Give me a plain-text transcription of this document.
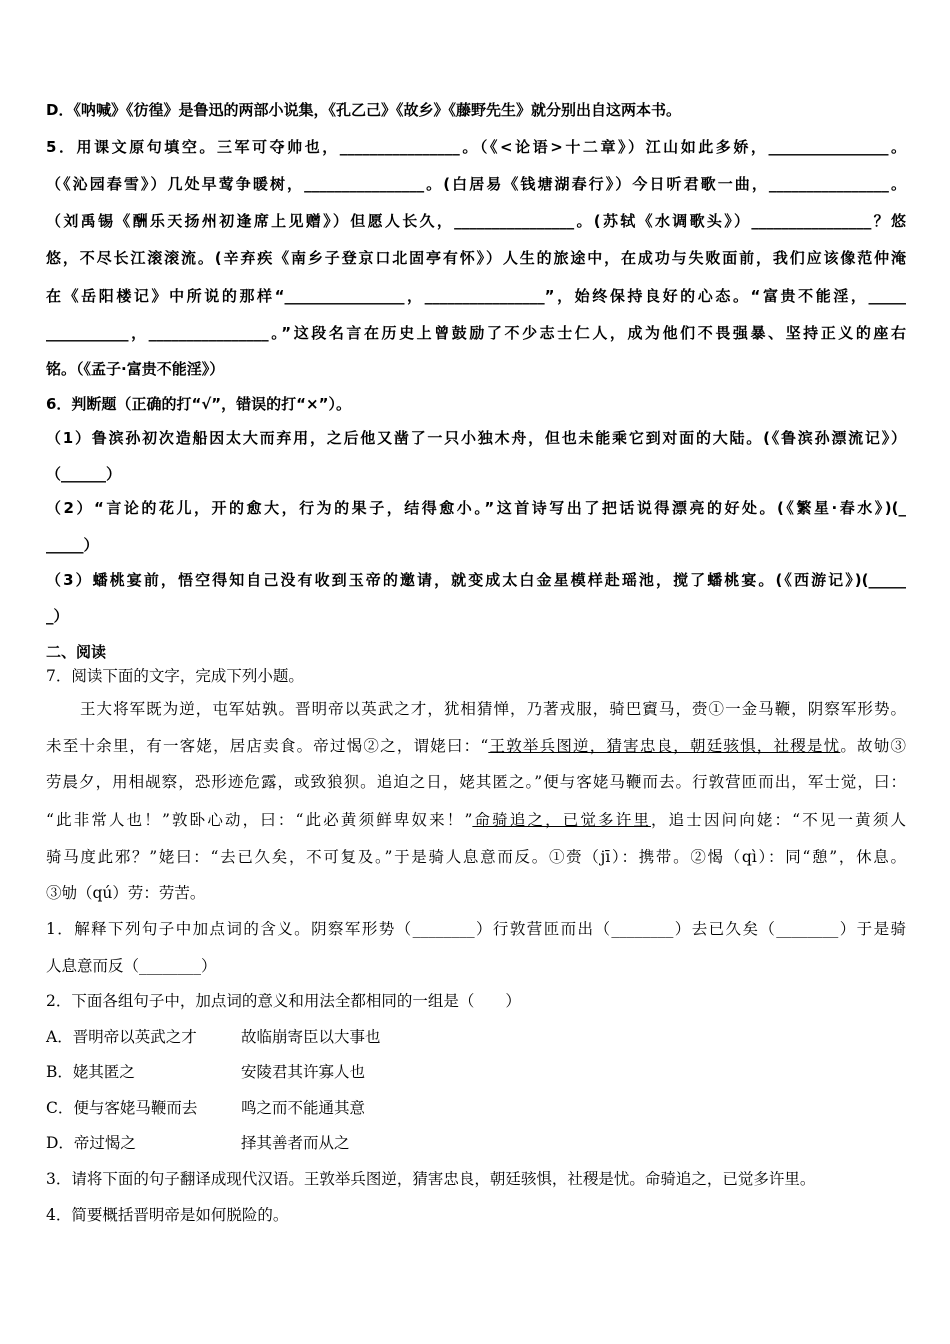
D．《呐喊》《彷徨》是鲁迅的两部小说集，《孔乙己》《故乡》《藤野先生》就分别出自这两本书。
5．用课文原句填空。三军可夺帅也，________________。（《<论语>十二章》）江山如此多娇，________________。
（《沁园春雪》）几处早莺争暖树，________________。(白居易《钱塘湖春行》）今日听君歌一曲，________________。
（刘禹锡《酬乐天扬州初逢席上见赠》）但愿人长久，________________。(苏轼《水调歌头》）________________？悠
悠，不尽长江滚滚流。(辛弃疾《南乡子登京口北固亭有怀》）人生的旅途中，在成功与失败面前，我们应该像范仲淹
在《岳阳楼记》中所说的那样“________________，________________”，始终保持良好的心态。“富贵不能淫，_____
___________，________________。”这段名言在历史上曾鼓励了不少志士仁人，成为他们不畏强暴、坚持正义的座右
铭。（《孟子·富贵不能淫》）
6．判断题（正确的打“√”，错误的打“×”）。
（1）鲁滨孙初次造船因太大而弃用，之后他又凿了一只小独木舟，但也未能乘它到对面的大陆。(《鲁滨孙漂流记》）
（______）
（2）“言论的花儿，开的愈大，行为的果子，结得愈小。”这首诗写出了把话说得漂亮的好处。(《繁星·春水》)(_
_____）
（3）蟠桃宴前，悟空得知自己没有收到玉帝的邀请，就变成太白金星模样赴瑶池，搅了蟠桃宴。(《西游记》)(_____
_）
二、阅读
7．阅读下面的文字，完成下列小题。
王大将军既为逆，屯军姑孰。晋明帝以英武之才，犹相猜惮，乃著戎服，骑巴賨马，赍①一金马鞭，阴察军形势。
未至十余里，有一客姥，居店卖食。帝过愒②之，谓姥曰：“王敦举兵图逆，猜害忠良，朝廷骇惧，社稷是忧。故劬③
劳晨夕，用相觇察，恐形迹危露，或致狼狈。追迫之日，姥其匿之。”便与客姥马鞭而去。行敦营匝而出，军士觉，曰：
“此非常人也！”敦卧心动，曰：“此必黄须鲜卑奴来！”命骑追之，已觉多许里，追士因问向姥：“不见一黄须人
骑马度此邪？”姥曰：“去已久矣，不可复及。”于是骑人息意而反。①赍（jī）：携带。②愒（qì）：同“憩”，休息。
③劬（qú）劳：劳苦。
1．解释下列句子中加点词的含义。阴察军形势（________）行敦营匝而出（________）去已久矣（________）于是骑
人息意而反（________）
2．下面各组句子中，加点词的意义和用法全都相同的一组是（　　）
A．晋明帝以英武之才	故临崩寄臣以大事也
B．姥其匿之	安陵君其许寡人也
C．便与客姥马鞭而去	鸣之而不能通其意
D．帝过愒之	择其善者而从之
3．请将下面的句子翻译成现代汉语。王敦举兵图逆，猜害忠良，朝廷骇惧，社稷是忧。命骑追之，已觉多许里。
4．简要概括晋明帝是如何脱险的。
